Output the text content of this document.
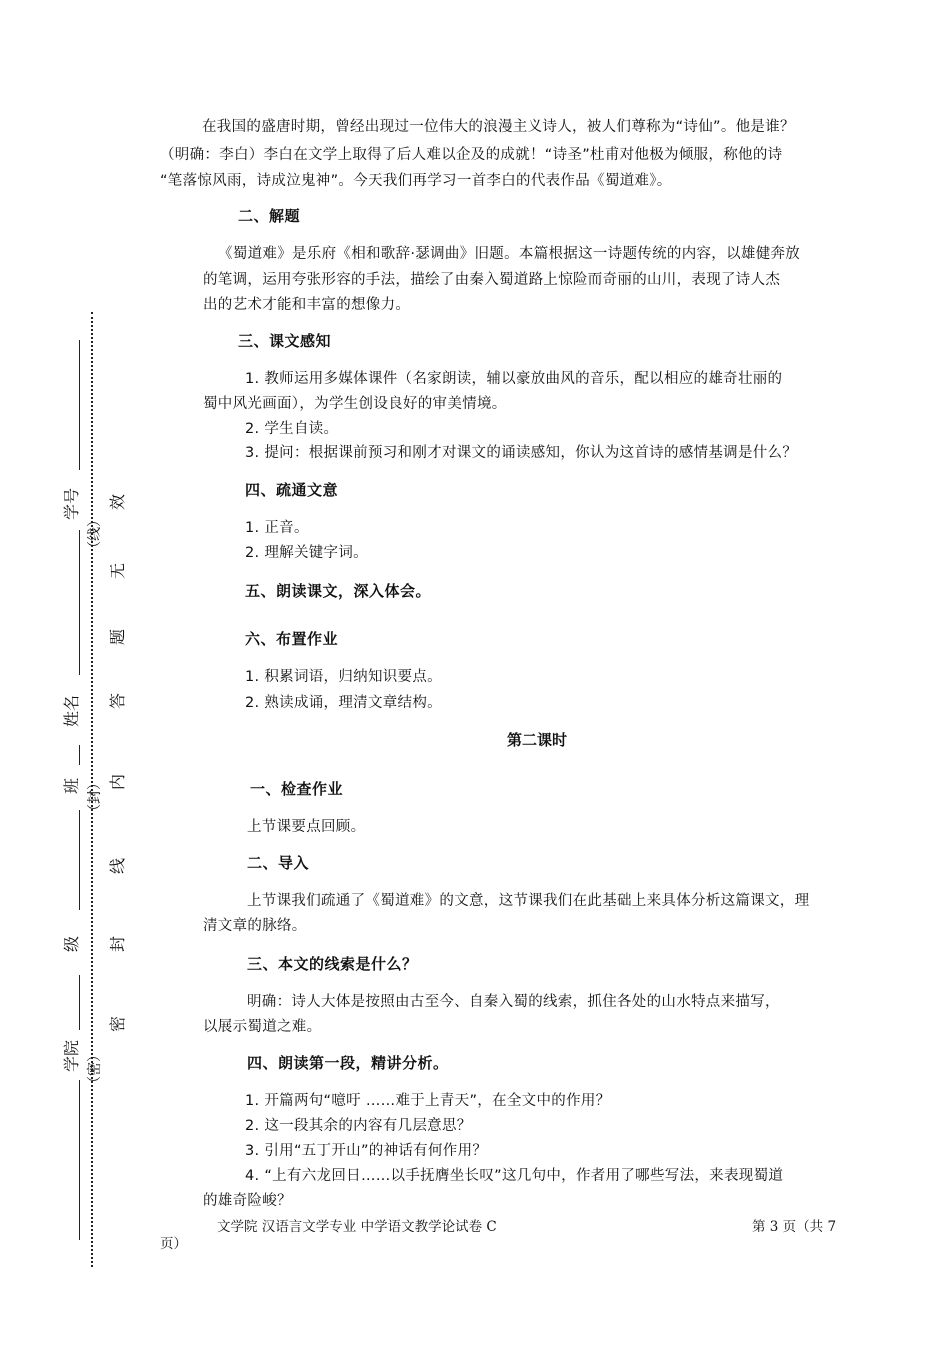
学号
姓名
班
级
学院
（线）
（封）
（密）
效
无
题
答
内
线
封
密
在我国的盛唐时期，曾经出现过一位伟大的浪漫主义诗人，被人们尊称为“诗仙”。他是谁？
（明确：李白）李白在文学上取得了后人难以企及的成就！“诗圣”杜甫对他极为倾服，称他的诗
“笔落惊风雨，诗成泣鬼神”。今天我们再学习一首李白的代表作品《蜀道难》。
二、解题
《蜀道难》是乐府《相和歌辞·瑟调曲》旧题。本篇根据这一诗题传统的内容，以雄健奔放
的笔调，运用夸张形容的手法，描绘了由秦入蜀道路上惊险而奇丽的山川，表现了诗人杰
出的艺术才能和丰富的想像力。
三、课文感知
1. 教师运用多媒体课件（名家朗读，辅以豪放曲风的音乐，配以相应的雄奇壮丽的
蜀中风光画面），为学生创设良好的审美情境。
2. 学生自读。
3. 提问：根据课前预习和刚才对课文的诵读感知，你认为这首诗的感情基调是什么？
四、疏通文意
1. 正音。
2. 理解关键字词。
五、朗读课文，深入体会。
六、布置作业
1. 积累词语，归纳知识要点。
2. 熟读成诵，理清文章结构。
第二课时
一、检查作业
上节课要点回顾。
二、导入
上节课我们疏通了《蜀道难》的文意，这节课我们在此基础上来具体分析这篇课文，理
清文章的脉络。
三、本文的线索是什么？
明确：诗人大体是按照由古至今、自秦入蜀的线索，抓住各处的山水特点来描写，
以展示蜀道之难。
四、朗读第一段，精讲分析。
1. 开篇两句“噫吁 ……难于上青天”，在全文中的作用？
2. 这一段其余的内容有几层意思？
3. 引用“五丁开山”的神话有何作用？
4. “上有六龙回日……以手抚膺坐长叹”这几句中，作者用了哪些写法，来表现蜀道
的雄奇险峻？
文学院 汉语言文学专业 中学语文教学论试卷 C	第 3 页（共 7
页）
